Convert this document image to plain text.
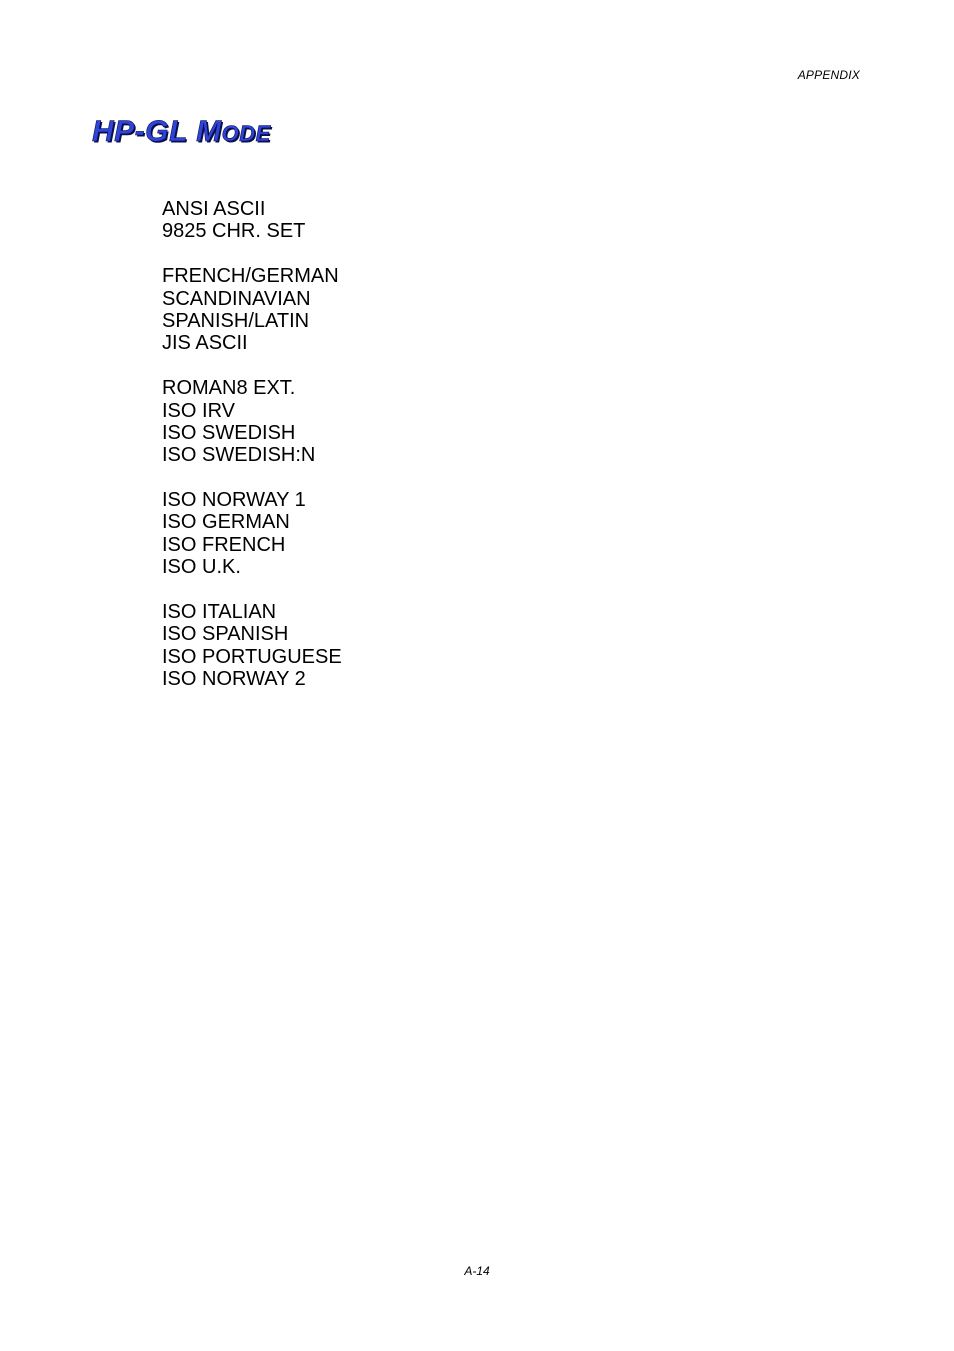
APPENDIX
HP-GL MODE
ANSI ASCII
9825 CHR. SET
FRENCH/GERMAN
SCANDINAVIAN
SPANISH/LATIN
JIS ASCII
ROMAN8 EXT.
ISO IRV
ISO SWEDISH
ISO SWEDISH:N
ISO NORWAY 1
ISO GERMAN
ISO FRENCH
ISO U.K.
ISO ITALIAN
ISO SPANISH
ISO PORTUGUESE
ISO NORWAY 2
A-14
